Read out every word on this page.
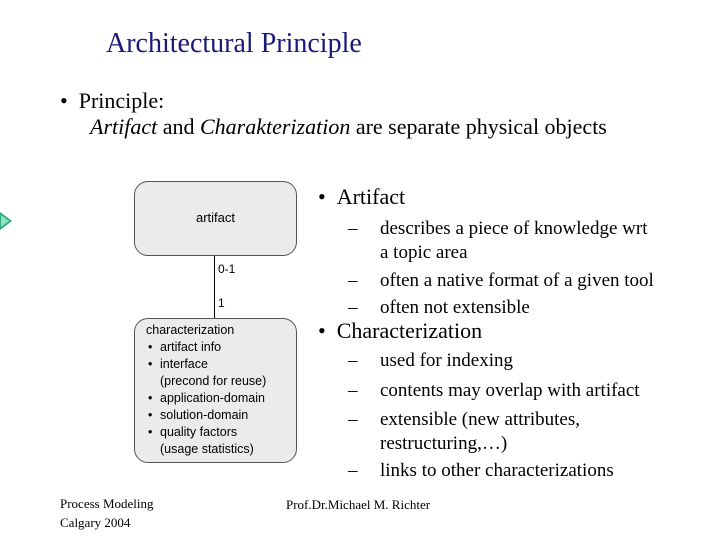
Architectural Principle
• Principle:
Artifact and Charakterization are separate physical objects
artifact
0-1
1
characterization
• artifact info
• interface
(precond for reuse)
• application-domain
• solution-domain
• quality factors
(usage statistics)
• Artifact
– describes a piece of knowledge wrt
a topic area
– often a native format of a given tool
– often not extensible
• Characterization
– used for indexing
– contents may overlap with artifact
– extensible (new attributes,
restructuring,…)
– links to other characterizations
Process Modeling
Calgary 2004
Prof.Dr.Michael M. Richter
